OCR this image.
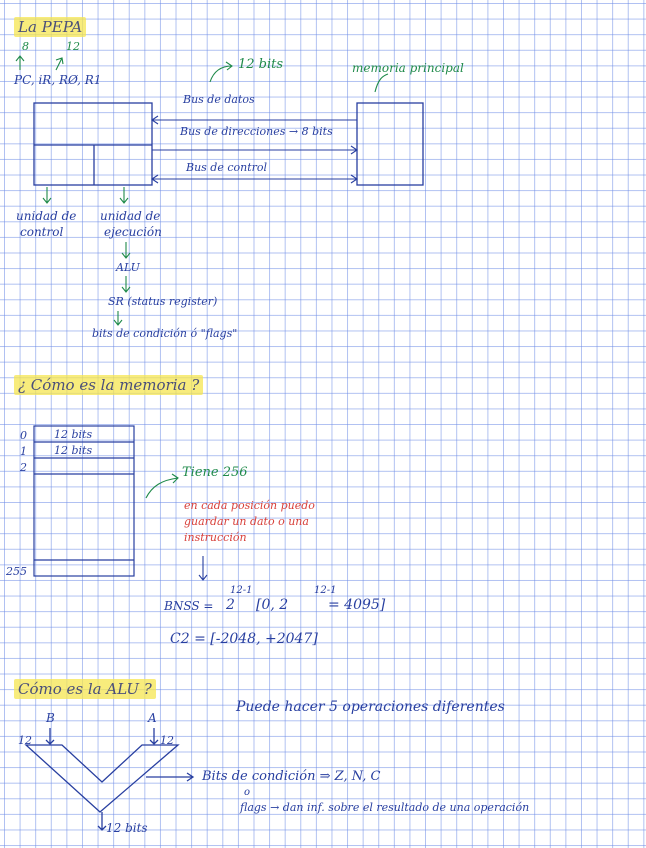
La PEPA
8	12
PC, iR, RØ, R1
12 bits	memoria principal
Bus de datos
Bus de direcciones → 8 bits
Bus de control
unidad de
control
unidad de
ejecución
ALU
SR (status register)
bits de condición ó "flags"
¿ Cómo es la memoria ?
0
1
2
255
12 bits
12 bits
Tiene 256
en cada posición puedo
guardar un dato o una
instrucción
BNSS = 2
12-1
[0, 2
12-1
= 4095]
C2 = [-2048, +2047]
Cómo es la ALU ?
Puede hacer 5 operaciones diferentes
B	A
12	12
12 bits
Bits de condición ⇒ Z, N, C
o
flags → dan inf. sobre el resultado de una operación
